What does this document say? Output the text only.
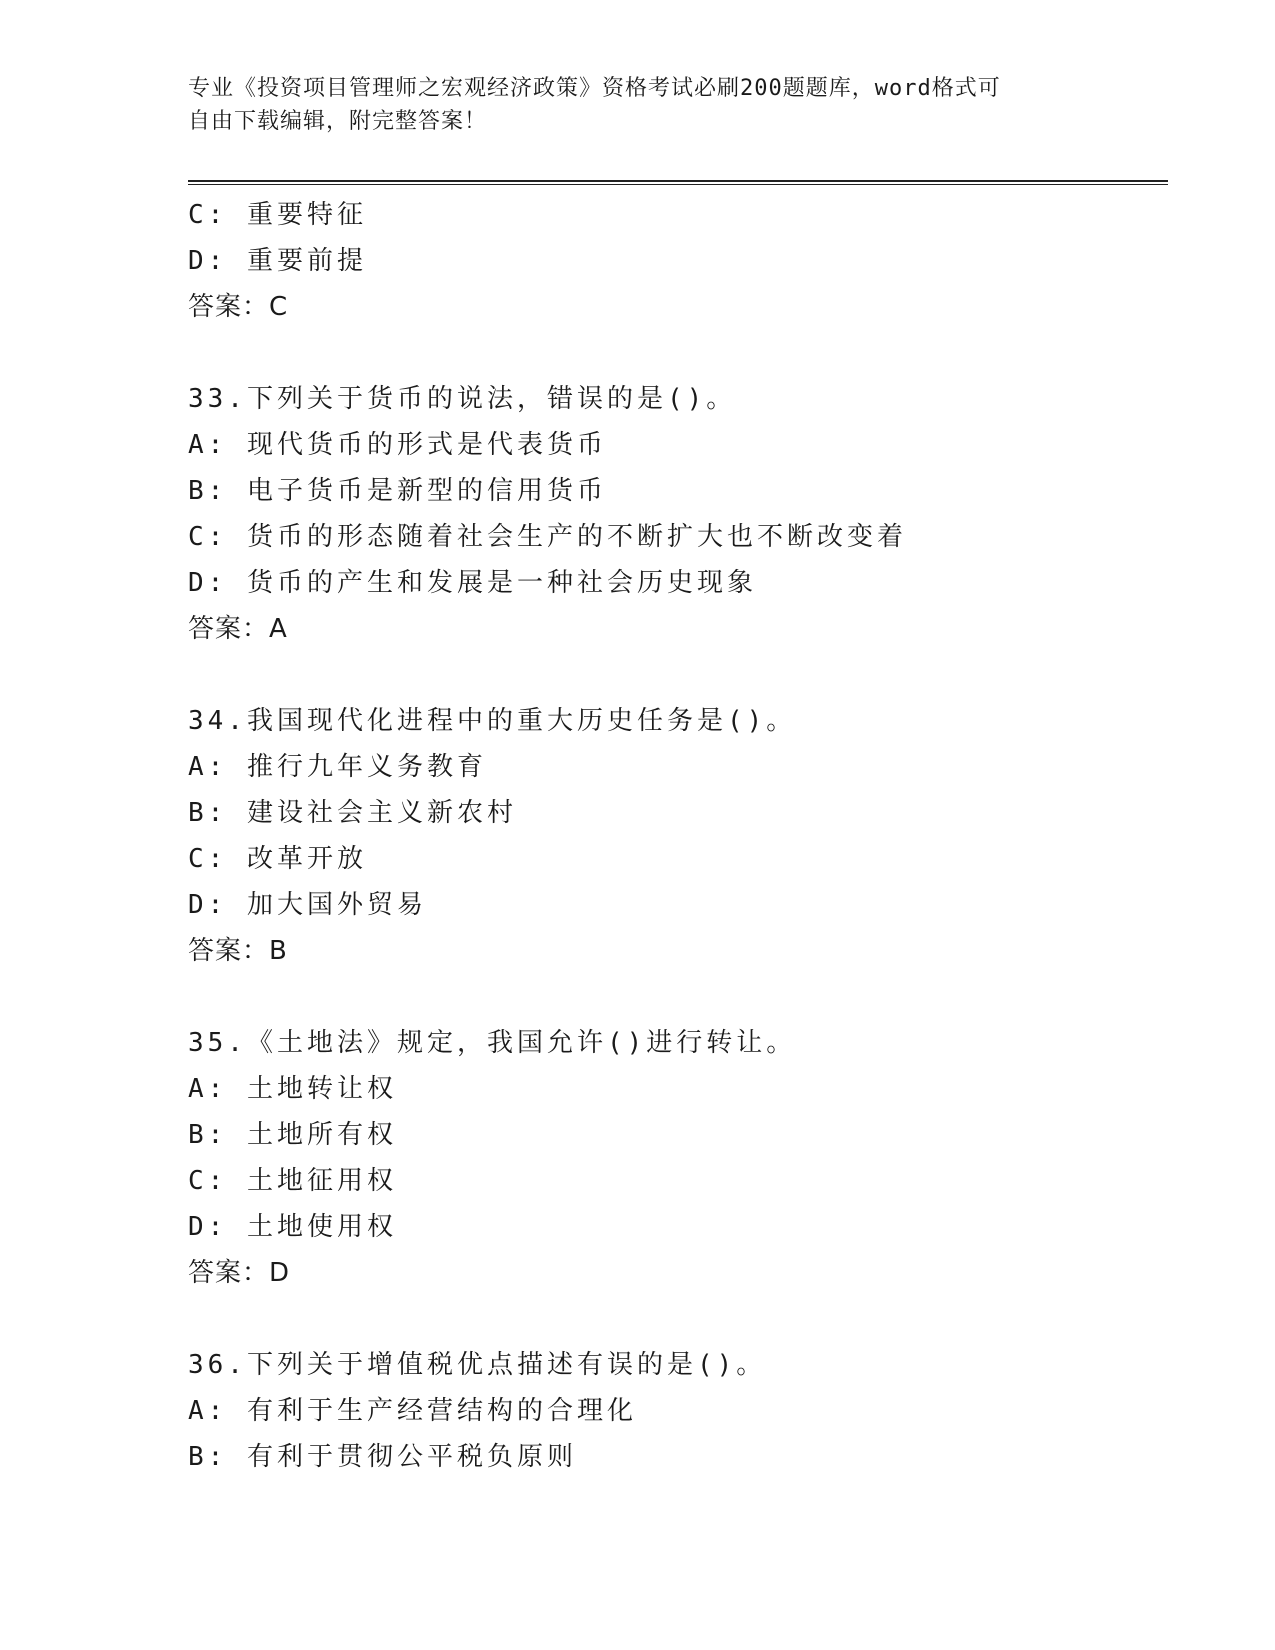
专业《投资项目管理师之宏观经济政策》资格考试必刷200题题库，word格式可
自由下载编辑，附完整答案！
C: 重要特征
D: 重要前提
答案：C
33.下列关于货币的说法，错误的是()。
A: 现代货币的形式是代表货币
B: 电子货币是新型的信用货币
C: 货币的形态随着社会生产的不断扩大也不断改变着
D: 货币的产生和发展是一种社会历史现象
答案：A
34.我国现代化进程中的重大历史任务是()。
A: 推行九年义务教育
B: 建设社会主义新农村
C: 改革开放
D: 加大国外贸易
答案：B
35.《土地法》规定，我国允许()进行转让。
A: 土地转让权
B: 土地所有权
C: 土地征用权
D: 土地使用权
答案：D
36.下列关于增值税优点描述有误的是()。
A: 有利于生产经营结构的合理化
B: 有利于贯彻公平税负原则
